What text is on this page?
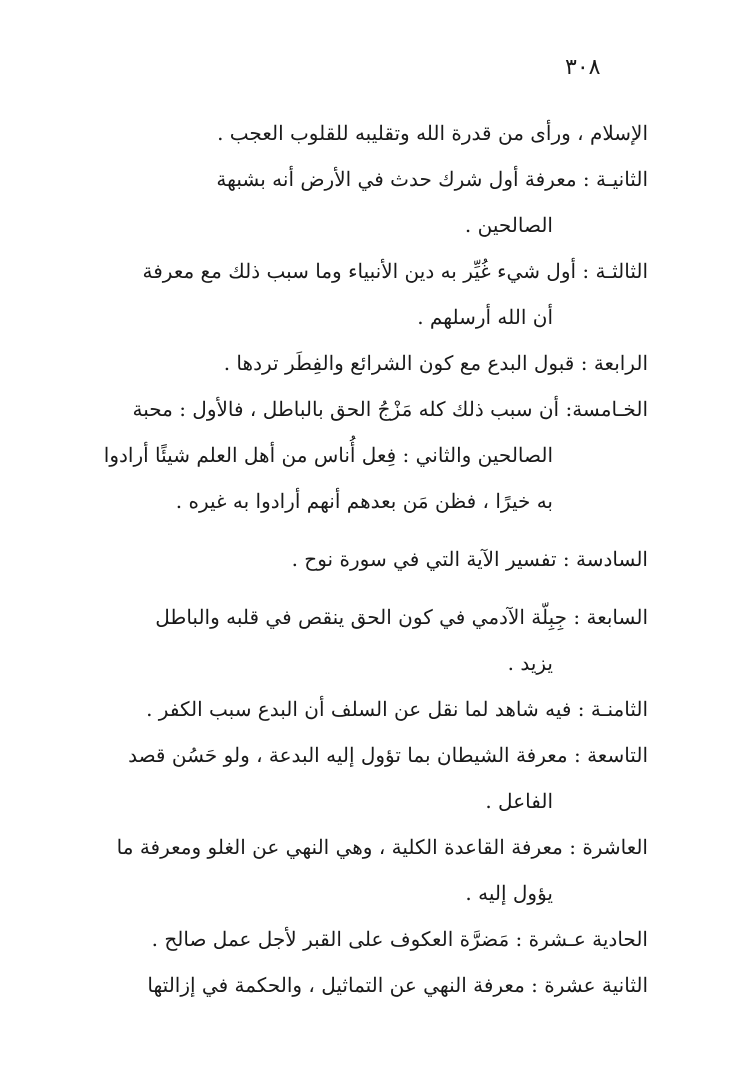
٣٠٨
الإسلام ، ورأى من قدرة الله وتقليبه للقلوب العجب .
الثانيـة : معرفة أول شرك حدث في الأرض أنه بشبهة
الصالحين .
الثالثـة : أول شيء غُيِّر به دين الأنبياء وما سبب ذلك مع معرفة
أن الله أرسلهم .
الرابعة : قبول البدع مع كون الشرائع والفِطَر تردها .
الخـامسة: أن سبب ذلك كله مَزْجُ الحق بالباطل ، فالأول : محبة
الصالحين والثاني : فِعل أُناس من أهل العلم شيئًا أرادوا
به خيرًا ، فظن مَن بعدهم أنهم أرادوا به غيره .
السادسة : تفسير الآية التي في سورة نوح .
السابعة : جِبِلّة الآدمي في كون الحق ينقص في قلبه والباطل
يزيد .
الثامنـة : فيه شاهد لما نقل عن السلف أن البدع سبب الكفر .
التاسعة : معرفة الشيطان بما تؤول إليه البدعة ، ولو حَسُن قصد
الفاعل .
العاشرة : معرفة القاعدة الكلية ، وهي النهي عن الغلو ومعرفة ما
يؤول إليه .
الحادية عـشرة : مَضرَّة العكوف على القبر لأجل عمل صالح .
الثانية عشرة : معرفة النهي عن التماثيل ، والحكمة في إزالتها
